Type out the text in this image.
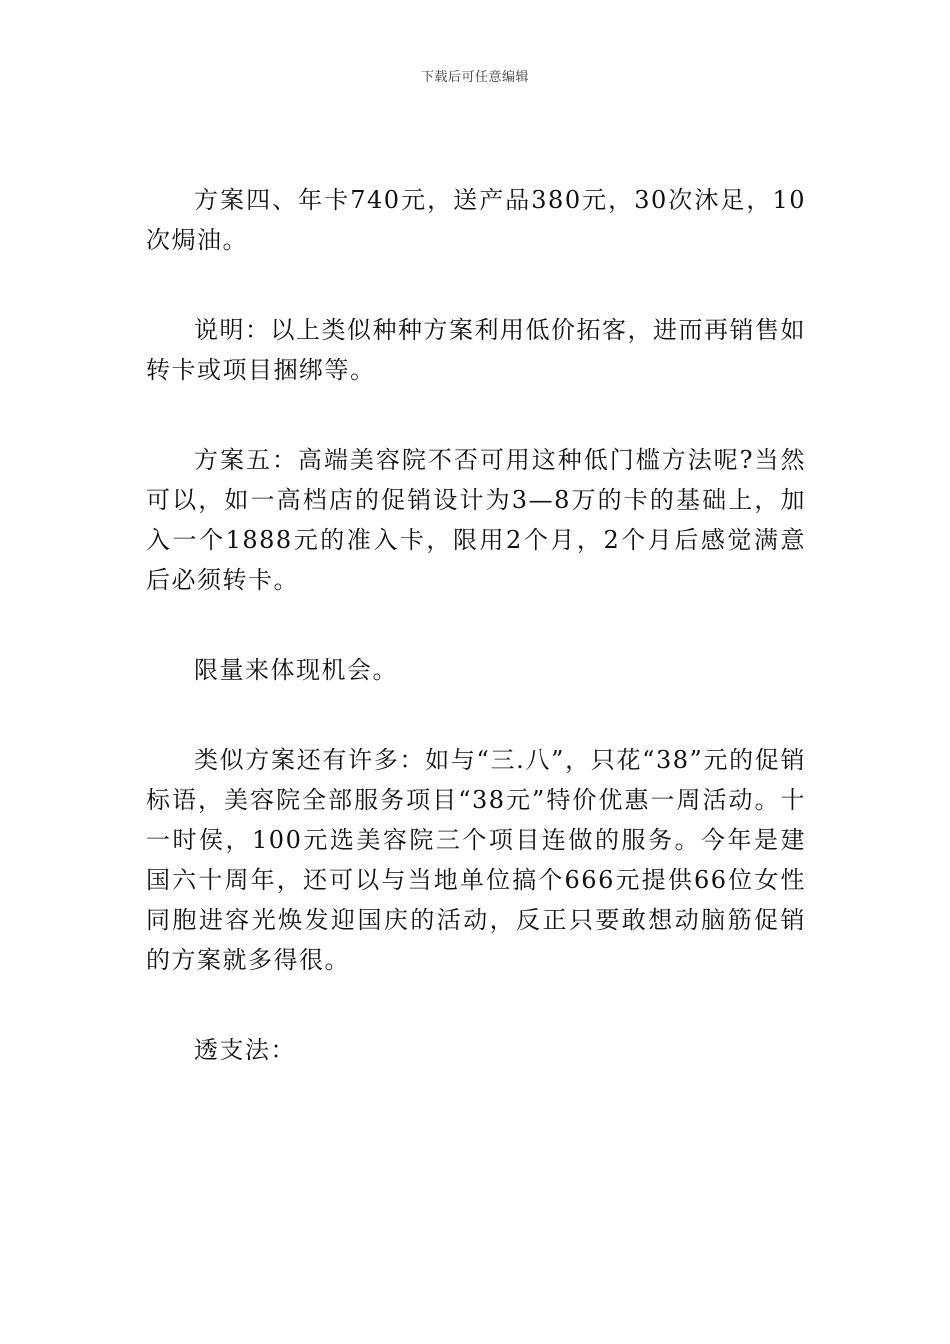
下载后可任意编辑

方案四、年卡740元，送产品380元，30次沐足，10次焗油。

说明：以上类似种种方案利用低价拓客，进而再销售如转卡或项目捆绑等。

方案五：高端美容院不否可用这种低门槛方法呢?当然可以，如一高档店的促销设计为3—8万的卡的基础上，加入一个1888元的准入卡，限用2个月，2个月后感觉满意后必须转卡。

限量来体现机会。

类似方案还有许多：如与“三.八”，只花“38”元的促销标语，美容院全部服务项目“38元”特价优惠一周活动。十一时侯，100元选美容院三个项目连做的服务。今年是建国六十周年，还可以与当地单位搞个666元提供66位女性同胞进容光焕发迎国庆的活动，反正只要敢想动脑筋促销的方案就多得很。

透支法：
